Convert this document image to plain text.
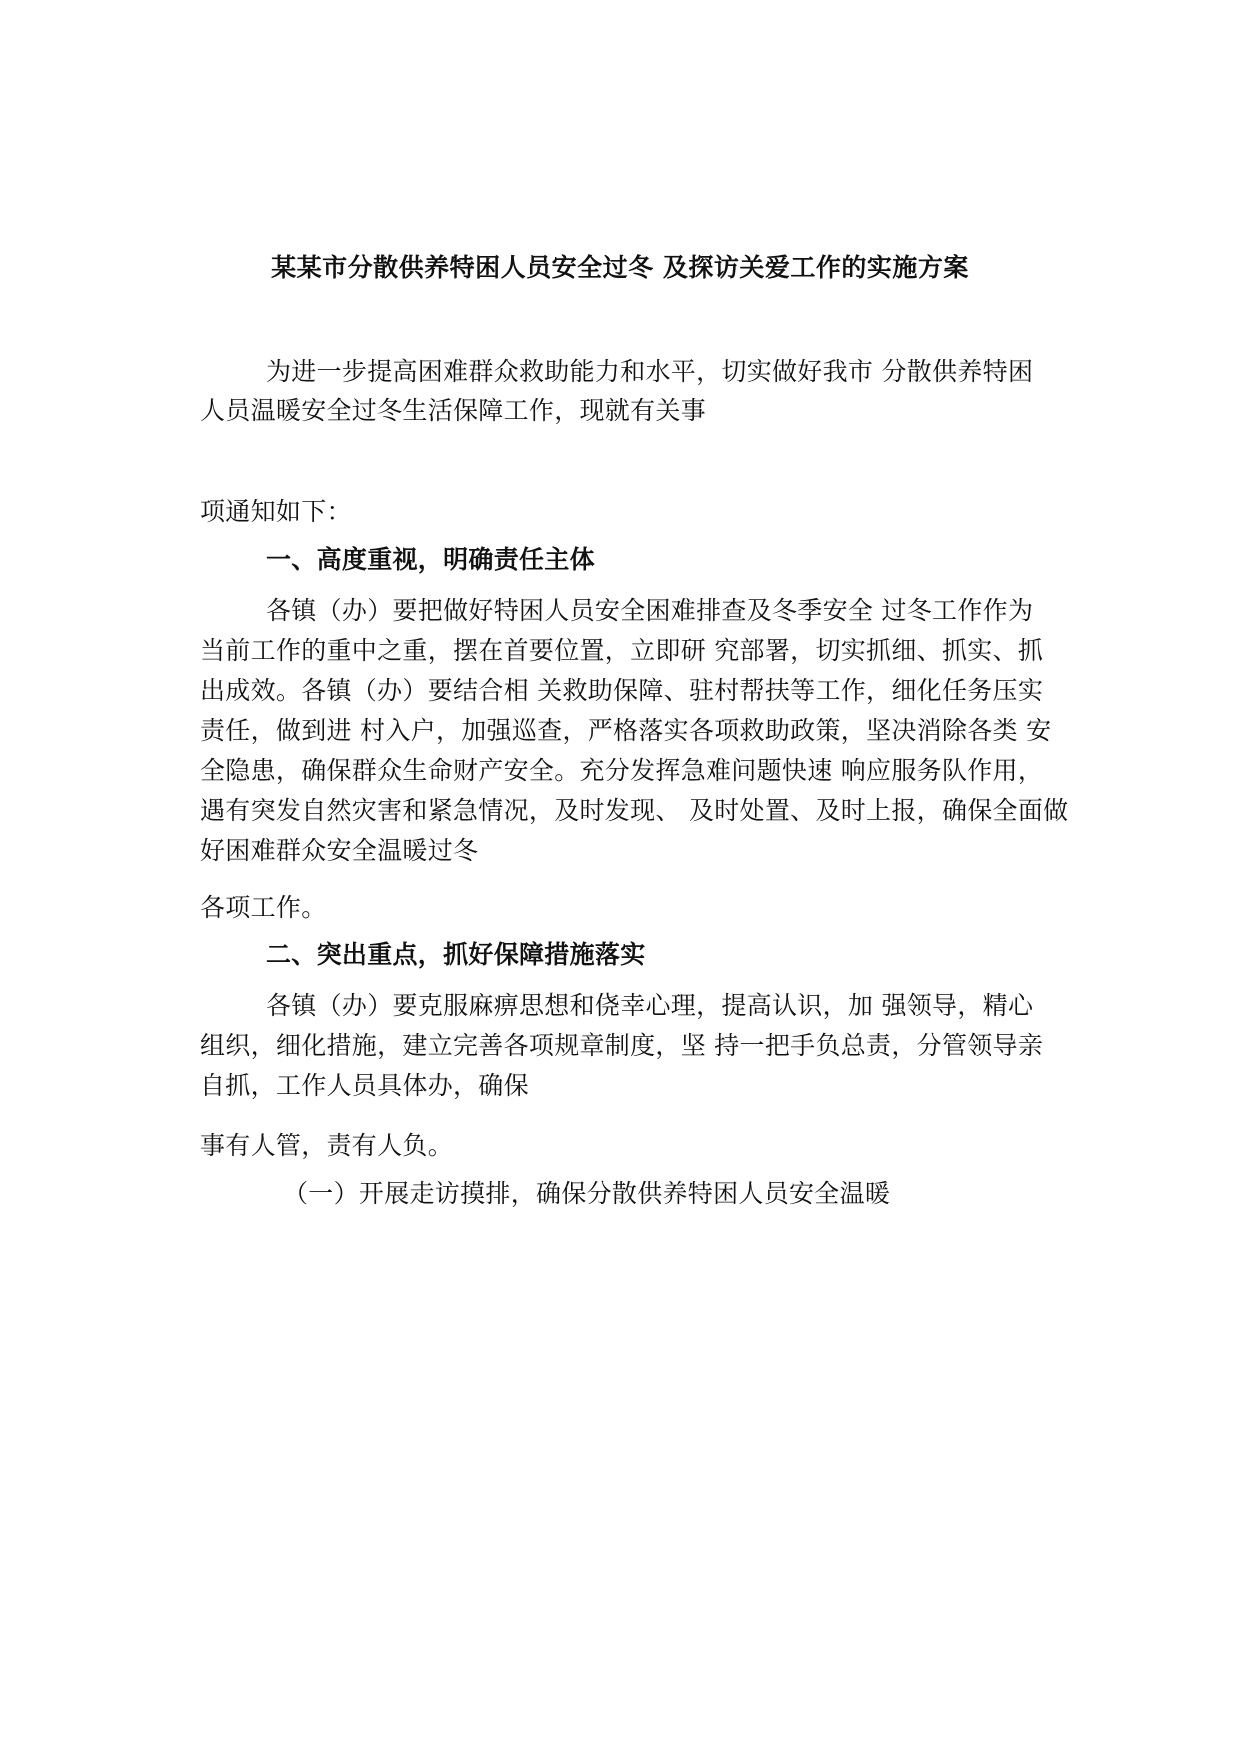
某某市分散供养特困人员安全过冬 及探访关爱工作的实施方案
为进一步提高困难群众救助能力和水平，切实做好我市 分散供养特困
人员温暖安全过冬生活保障工作，现就有关事
项通知如下：
一、高度重视，明确责任主体
各镇（办）要把做好特困人员安全困难排查及冬季安全 过冬工作作为
当前工作的重中之重，摆在首要位置，立即研 究部署，切实抓细、抓实、抓
出成效。各镇（办）要结合相 关救助保障、驻村帮扶等工作，细化任务压实
责任，做到进 村入户，加强巡查，严格落实各项救助政策，坚决消除各类 安
全隐患，确保群众生命财产安全。充分发挥急难问题快速 响应服务队作用，
遇有突发自然灾害和紧急情况，及时发现、 及时处置、及时上报，确保全面做
好困难群众安全温暖过冬
各项工作。
二、突出重点，抓好保障措施落实
各镇（办）要克服麻痹思想和侥幸心理，提高认识，加 强领导，精心
组织，细化措施，建立完善各项规章制度，坚 持一把手负总责，分管领导亲
自抓，工作人员具体办，确保
事有人管，责有人负。
（一）开展走访摸排，确保分散供养特困人员安全温暖
